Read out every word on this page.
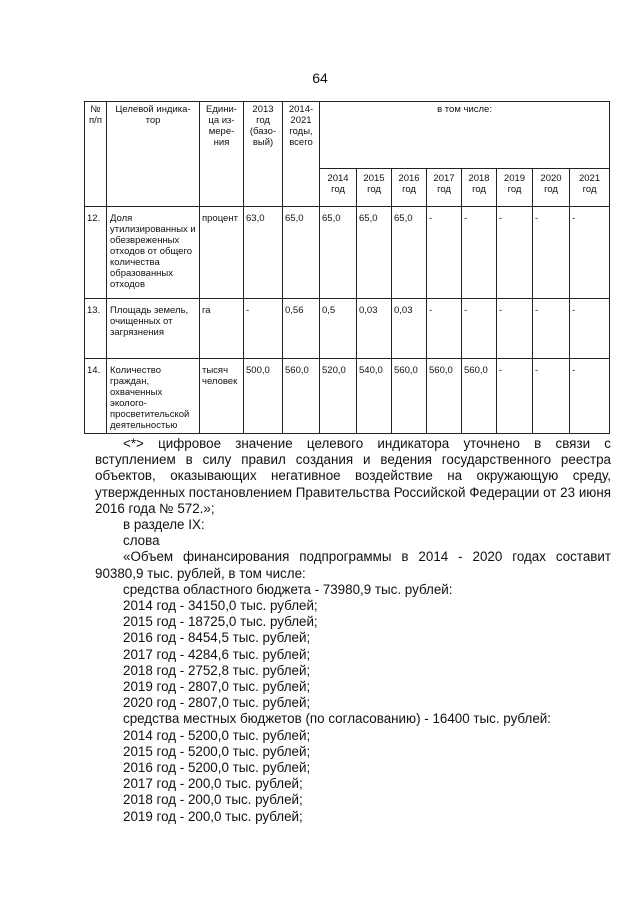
64
№ п/п	Целевой индика-тор	Едини-ца из-мере-ния	2013 год (базо-вый)	2014-2021 годы, всего	в том числе:							
					2014 год	2015 год	2016 год	2017 год	2018 год	2019 год	2020 год	2021 год
12.	Доля утилизированных и обезвреженных отходов от общего количества образованных отходов	процент	63,0	65,0	65,0	65,0	65,0	-	-	-	-	-
13.	Площадь земель, очищенных от загрязнения	га	-	0,56	0,5	0,03	0,03	-	-	-	-	-
14.	Количество граждан, охваченных эколого-просветительской деятельностью	тысяч человек	500,0	560,0	520,0	540,0	560,0	560,0	560,0	-	-	-

<*> цифровое значение целевого индикатора уточнено в связи с вступлением в силу правил создания и ведения государственного реестра объектов, оказывающих негативное воздействие на окружающую среду, утвержденных постановлением Правительства Российской Федерации от 23 июня 2016 года № 572.»;

в разделе IX:

слова

«Объем финансирования подпрограммы в 2014 - 2020 годах составит 90380,9 тыс. рублей, в том числе:

средства областного бюджета - 73980,9 тыс. рублей:

2014 год - 34150,0 тыс. рублей;

2015 год - 18725,0 тыс. рублей;

2016 год - 8454,5 тыс. рублей;

2017 год - 4284,6 тыс. рублей;

2018 год - 2752,8 тыс. рублей;

2019 год - 2807,0 тыс. рублей;

2020 год - 2807,0 тыс. рублей;

средства местных бюджетов (по согласованию) - 16400 тыс. рублей:

2014 год - 5200,0 тыс. рублей;

2015 год - 5200,0 тыс. рублей;

2016 год - 5200,0 тыс. рублей;

2017 год - 200,0 тыс. рублей;

2018 год - 200,0 тыс. рублей;

2019 год - 200,0 тыс. рублей;
